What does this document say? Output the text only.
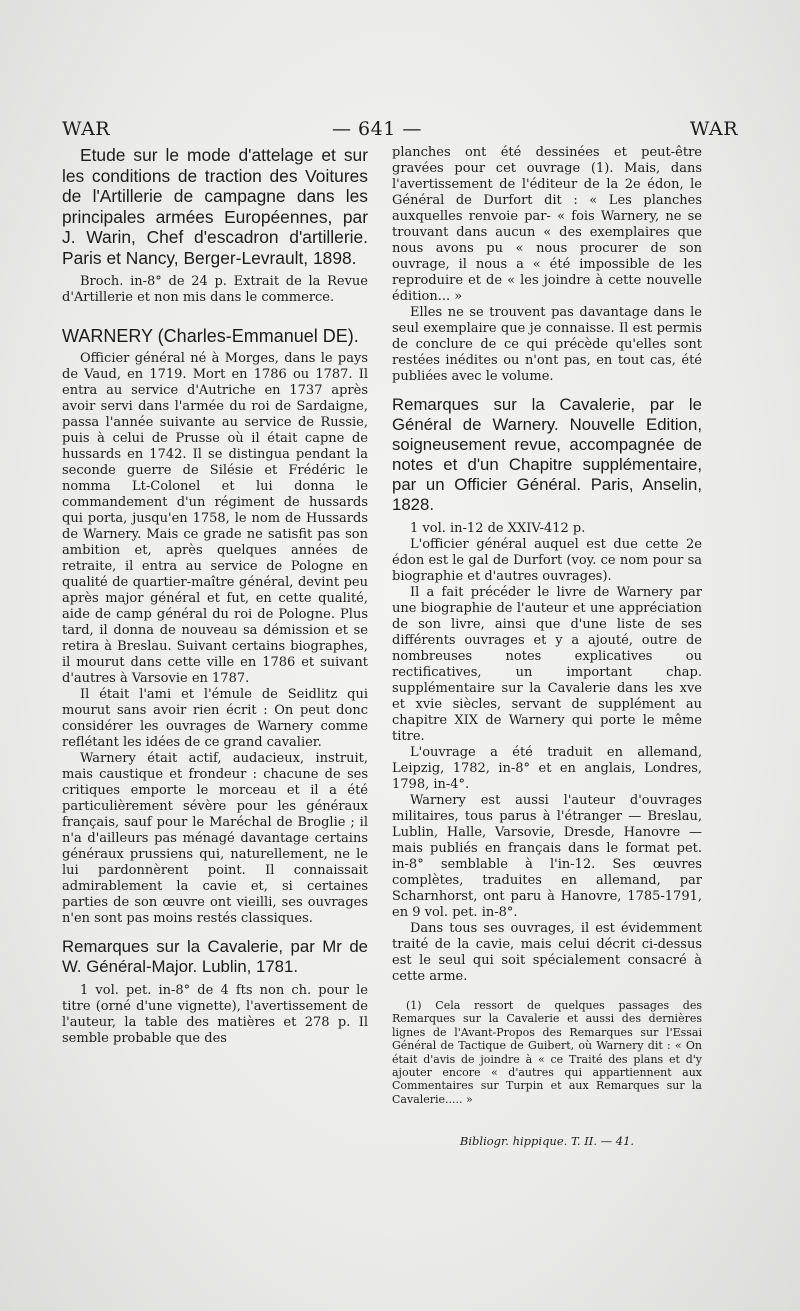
WAR	— 641 —	WAR

Etude sur le mode d'attelage et sur les conditions de traction des Voitures de l'Artillerie de campagne dans les principales armées Européennes, par J. Warin, Chef d'escadron d'artillerie. Paris et Nancy, Berger-Levrault, 1898.

Broch. in-8° de 24 p. Extrait de la Revue d'Artillerie et non mis dans le commerce.

WARNERY (Charles-Emmanuel DE).

Officier général né à Morges, dans le pays de Vaud, en 1719. Mort en 1786 ou 1787. Il entra au service d'Autriche en 1737 après avoir servi dans l'armée du roi de Sardaigne, passa l'année suivante au service de Russie, puis à celui de Prusse où il était capne de hussards en 1742. Il se distingua pendant la seconde guerre de Silésie et Frédéric le nomma Lt-Colonel et lui donna le commandement d'un régiment de hussards qui porta, jusqu'en 1758, le nom de Hussards de Warnery. Mais ce grade ne satisfit pas son ambition et, après quelques années de retraite, il entra au service de Pologne en qualité de quartier-maître général, devint peu après major général et fut, en cette qualité, aide de camp général du roi de Pologne. Plus tard, il donna de nouveau sa démission et se retira à Breslau. Suivant certains biographes, il mourut dans cette ville en 1786 et suivant d'autres à Varsovie en 1787.

Il était l'ami et l'émule de Seidlitz qui mourut sans avoir rien écrit : On peut donc considérer les ouvrages de Warnery comme reflétant les idées de ce grand cavalier.

Warnery était actif, audacieux, instruit, mais caustique et frondeur : chacune de ses critiques emporte le morceau et il a été particulièrement sévère pour les généraux français, sauf pour le Maréchal de Broglie ; il n'a d'ailleurs pas ménagé davantage certains généraux prussiens qui, naturellement, ne le lui pardonnèrent point. Il connaissait admirablement la cavie et, si certaines parties de son œuvre ont vieilli, ses ouvrages n'en sont pas moins restés classiques.

Remarques sur la Cavalerie, par Mr de W. Général-Major. Lublin, 1781.

1 vol. pet. in-8° de 4 fts non ch. pour le titre (orné d'une vignette), l'avertissement de l'auteur, la table des matières et 278 p. Il semble probable que des

planches ont été dessinées et peut-être gravées pour cet ouvrage (1). Mais, dans l'avertissement de l'éditeur de la 2e édon, le Général de Durfort dit : « Les planches auxquelles renvoie par- « fois Warnery, ne se trouvant dans aucun « des exemplaires que nous avons pu « nous procurer de son ouvrage, il nous a « été impossible de les reproduire et de « les joindre à cette nouvelle édition... »

Elles ne se trouvent pas davantage dans le seul exemplaire que je connaisse. Il est permis de conclure de ce qui précède qu'elles sont restées inédites ou n'ont pas, en tout cas, été publiées avec le volume.

Remarques sur la Cavalerie, par le Général de Warnery. Nouvelle Edition, soigneusement revue, accompagnée de notes et d'un Chapitre supplémentaire, par un Officier Général. Paris, Anselin, 1828.

1 vol. in-12 de XXIV-412 p.

L'officier général auquel est due cette 2e édon est le gal de Durfort (voy. ce nom pour sa biographie et d'autres ouvrages).

Il a fait précéder le livre de Warnery par une biographie de l'auteur et une appréciation de son livre, ainsi que d'une liste de ses différents ouvrages et y a ajouté, outre de nombreuses notes explicatives ou rectificatives, un important chap. supplémentaire sur la Cavalerie dans les xve et xvie siècles, servant de supplément au chapitre XIX de Warnery qui porte le même titre.

L'ouvrage a été traduit en allemand, Leipzig, 1782, in-8° et en anglais, Londres, 1798, in-4°.

Warnery est aussi l'auteur d'ouvrages militaires, tous parus à l'étranger — Breslau, Lublin, Halle, Varsovie, Dresde, Hanovre — mais publiés en français dans le format pet. in-8° semblable à l'in-12. Ses œuvres complètes, traduites en allemand, par Scharnhorst, ont paru à Hanovre, 1785-1791, en 9 vol. pet. in-8°.

Dans tous ses ouvrages, il est évidemment traité de la cavie, mais celui décrit ci-dessus est le seul qui soit spécialement consacré à cette arme.

(1) Cela ressort de quelques passages des Remarques sur la Cavalerie et aussi des dernières lignes de l'Avant-Propos des Remarques sur l'Essai Général de Tactique de Guibert, où Warnery dit : « On était d'avis de joindre à « ce Traité des plans et d'y ajouter encore « d'autres qui appartiennent aux Commentaires sur Turpin et aux Remarques sur la Cavalerie..... »

Bibliogr. hippique. T. II. — 41.
